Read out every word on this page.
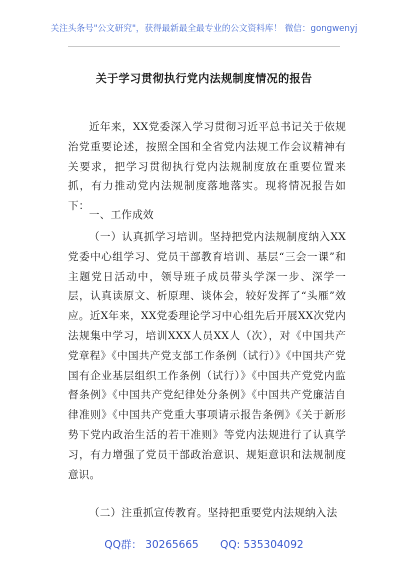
关注头条号"公文研究"，获得最新最全最专业的公文资料库！ 微信：gongwenyj
关于学习贯彻执行党内法规制度情况的报告

近年来，XX党委深入学习贯彻习近平总书记关于依规治党重要论述，按照全国和全省党内法规工作会议精神有关要求，把学习贯彻执行党内法规制度放在重要位置来抓，有力推动党内法规制度落地落实。现将情况报告如下：

一、工作成效

（一）认真抓学习培训。坚持把党内法规制度纳入XX党委中心组学习、党员干部教育培训、基层“三会一课”和主题党日活动中，领导班子成员带头学深一步、深学一层，认真读原文、析原理、谈体会，较好发挥了“头雁”效应。近X年来，XX党委理论学习中心组先后开展XX次党内法规集中学习，培训XXX人员XX人（次），对《中国共产党章程》《中国共产党支部工作条例（试行）》《中国共产党国有企业基层组织工作条例（试行）》《中国共产党党内监督条例》《中国共产党纪律处分条例》《中国共产党廉洁自律准则》《中国共产党重大事项请示报告条例》《关于新形势下党内政治生活的若干准则》等党内法规进行了认真学习，有力增强了党员干部政治意识、规矩意识和法规制度意识。

（二）注重抓宣传教育。坚持把重要党内法规纳入法

QQ群： 30265665 QQ: 535304092
